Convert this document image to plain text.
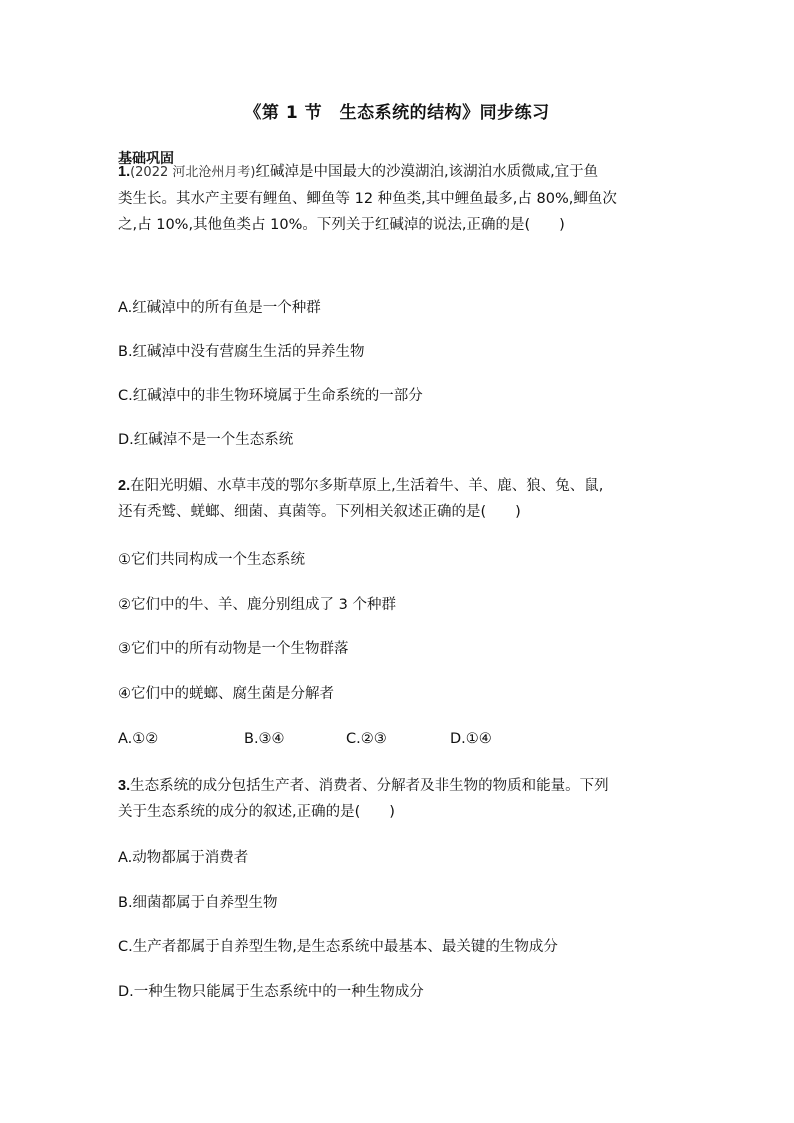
《第 1 节　生态系统的结构》同步练习
基础巩固
1.(2022 河北沧州月考)红碱淖是中国最大的沙漠湖泊,该湖泊水质微咸,宜于鱼
类生长。其水产主要有鲤鱼、鲫鱼等 12 种鱼类,其中鲤鱼最多,占 80%,鲫鱼次
之,占 10%,其他鱼类占 10%。下列关于红碱淖的说法,正确的是(　　)
A.红碱淖中的所有鱼是一个种群
B.红碱淖中没有营腐生生活的异养生物
C.红碱淖中的非生物环境属于生命系统的一部分
D.红碱淖不是一个生态系统
2.在阳光明媚、水草丰茂的鄂尔多斯草原上,生活着牛、羊、鹿、狼、兔、鼠,
还有秃鹫、蜣螂、细菌、真菌等。下列相关叙述正确的是(　　)
①它们共同构成一个生态系统
②它们中的牛、羊、鹿分别组成了 3 个种群
③它们中的所有动物是一个生物群落
④它们中的蜣螂、腐生菌是分解者
A.①②	B.③④	C.②③	D.①④
3.生态系统的成分包括生产者、消费者、分解者及非生物的物质和能量。下列
关于生态系统的成分的叙述,正确的是(　　)
A.动物都属于消费者
B.细菌都属于自养型生物
C.生产者都属于自养型生物,是生态系统中最基本、最关键的生物成分
D.一种生物只能属于生态系统中的一种生物成分
